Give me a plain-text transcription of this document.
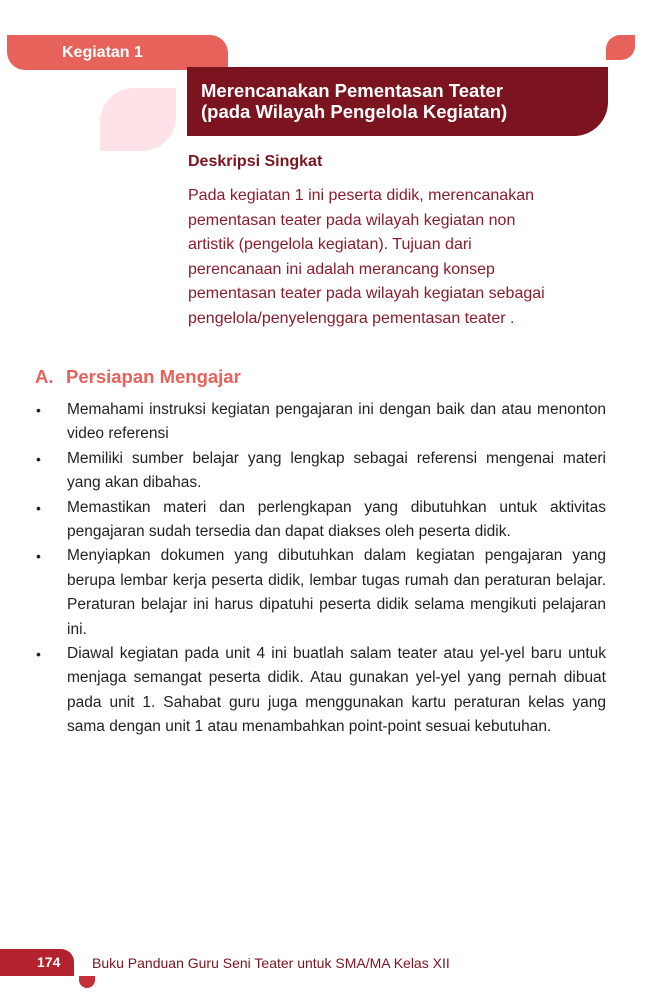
Kegiatan 1
Merencanakan Pementasan Teater
(pada Wilayah Pengelola Kegiatan)
Deskripsi Singkat
Pada kegiatan 1 ini peserta didik, merencanakan
pementasan teater pada wilayah kegiatan non
artistik (pengelola kegiatan). Tujuan dari
perencanaan ini adalah merancang konsep
pementasan teater pada wilayah kegiatan sebagai
pengelola/penyelenggara pementasan teater .
A. Persiapan Mengajar
• Memahami instruksi kegiatan pengajaran ini dengan baik dan atau menonton video referensi
• Memiliki sumber belajar yang lengkap sebagai referensi mengenai materi yang akan dibahas.
• Memastikan materi dan perlengkapan yang dibutuhkan untuk aktivitas pengajaran sudah tersedia dan dapat diakses oleh peserta didik.
• Menyiapkan dokumen yang dibutuhkan dalam kegiatan pengajaran yang berupa lembar kerja peserta didik, lembar tugas rumah dan peraturan belajar. Peraturan belajar ini harus dipatuhi peserta didik selama mengikuti pelajaran ini.
• Diawal kegiatan pada unit 4 ini buatlah salam teater atau yel-yel baru untuk menjaga semangat peserta didik. Atau gunakan yel-yel yang pernah dibuat pada unit 1. Sahabat guru juga menggunakan kartu peraturan kelas yang sama dengan unit 1 atau menambahkan point-point sesuai kebutuhan.
174	Buku Panduan Guru Seni Teater untuk SMA/MA Kelas XII
